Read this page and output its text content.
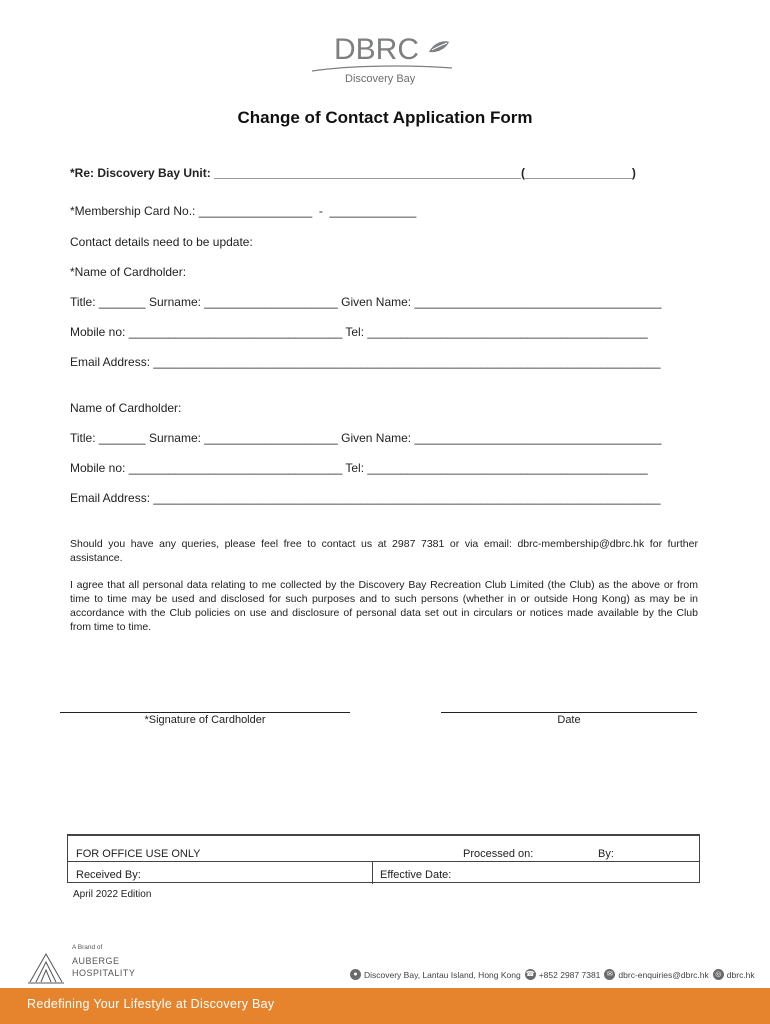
DBRC
Discovery Bay
Change of Contact Application Form
*Re: Discovery Bay Unit: ______________________________________________(________________)
*Membership Card No.: _________________  -  _____________
Contact details need to be update:
*Name of Cardholder:
Title: _______ Surname: ____________________ Given Name: _____________________________________
Mobile no: ________________________________ Tel: __________________________________________
Email Address: ____________________________________________________________________________
Name of Cardholder:
Title: _______ Surname: ____________________ Given Name: _____________________________________
Mobile no: ________________________________ Tel: __________________________________________
Email Address: ____________________________________________________________________________
Should you have any queries, please feel free to contact us at 2987 7381 or via email: dbrc-membership@dbrc.hk for further assistance.
I agree that all personal data relating to me collected by the Discovery Bay Recreation Club Limited (the Club) as the above or from time to time may be used and disclosed for such purposes and to such persons (whether in or outside Hong Kong) as may be in accordance with the Club policies on use and disclosure of personal data set out in circulars or notices made available by the Club from time to time.
*Signature of Cardholder	Date
FOR OFFICE USE ONLY	Processed on:	By:
Received By:	Effective Date:
April 2022 Edition
A Brand of
AUBERGE
HOSPITALITY	● Discovery Bay, Lantau Island, Hong Kong ☎ +852 2987 7381 ✉ dbrc-enquiries@dbrc.hk ◎ dbrc.hk
Redefining Your Lifestyle at Discovery Bay
